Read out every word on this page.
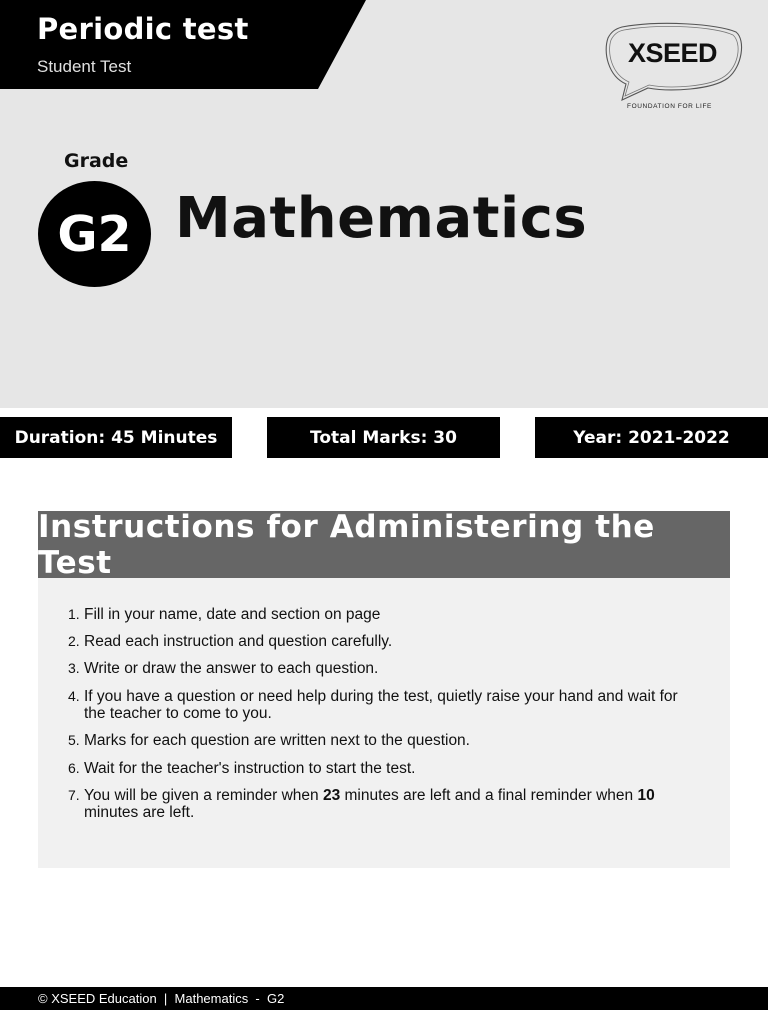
Periodic test
Student Test	XSEED
FOUNDATION FOR LIFE
Grade
G2 Mathematics
Duration: 45 Minutes	Total Marks: 30	Year: 2021-2022
Instructions for Administering the Test
1. Fill in your name, date and section on page
2. Read each instruction and question carefully.
3. Write or draw the answer to each question.
4. If you have a question or need help during the test, quietly raise your hand and wait for the teacher to come to you.
5. Marks for each question are written next to the question.
6. Wait for the teacher's instruction to start the test.
7. You will be given a reminder when 23 minutes are left and a final reminder when 10 minutes are left.
© XSEED Education  |  Mathematics  -  G2
